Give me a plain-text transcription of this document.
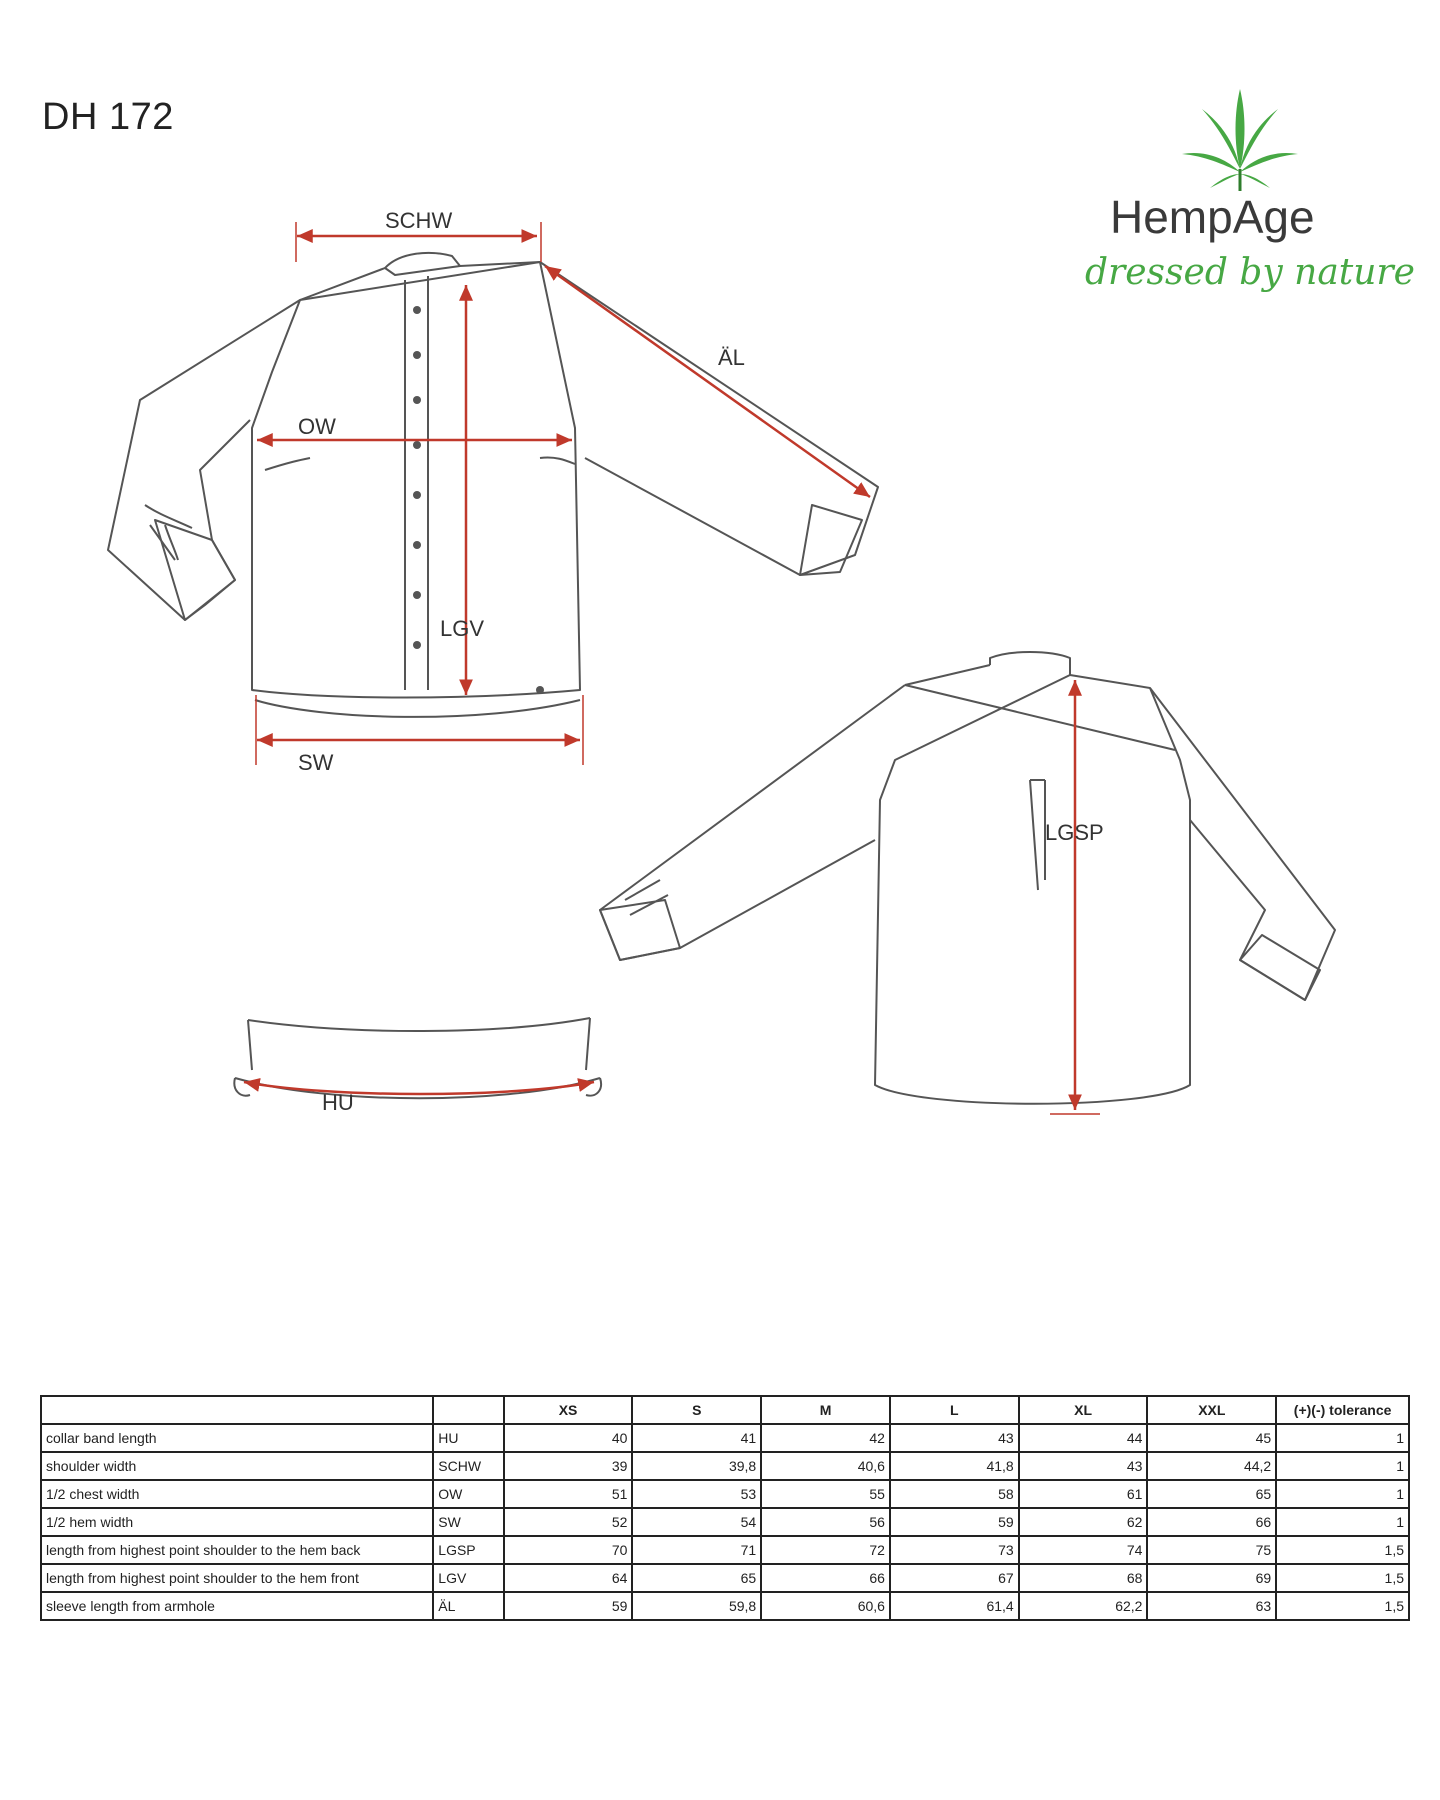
DH 172
HempAge
dressed by nature
SCHW
ÄL
OW
LGV
SW
LGSP
HU
		XS	S	M	L	XL	XXL	(+)(-) tolerance
collar band length	HU	40	41	42	43	44	45	1
shoulder width	SCHW	39	39,8	40,6	41,8	43	44,2	1
1/2 chest width	OW	51	53	55	58	61	65	1
1/2 hem width	SW	52	54	56	59	62	66	1
length from highest point shoulder to the hem back	LGSP	70	71	72	73	74	75	1,5
length from highest point shoulder to the hem front	LGV	64	65	66	67	68	69	1,5
sleeve length from armhole	ÄL	59	59,8	60,6	61,4	62,2	63	1,5
